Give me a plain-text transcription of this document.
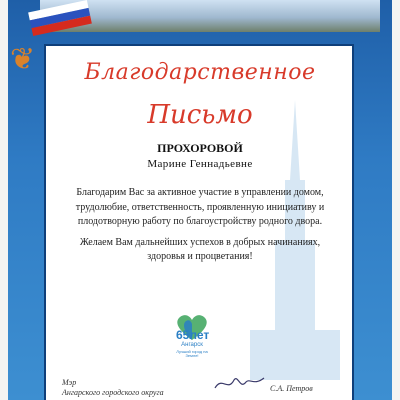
❦	Благодарственное
Письмо
ПРОХОРОВОЙ
Марине Геннадьевне

Благодарим Вас за активное участие в управлении домом, трудолюбие, ответственность, проявленную инициативу и плодотворную работу по благоустройству родного двора.

Желаем Вам дальнейших успехов в добрых начинаниях, здоровья и процветания!

65лет
Ангарск
Лучший город на Земле!
Мэр
Ангарского городского округа	С.А. Петров
